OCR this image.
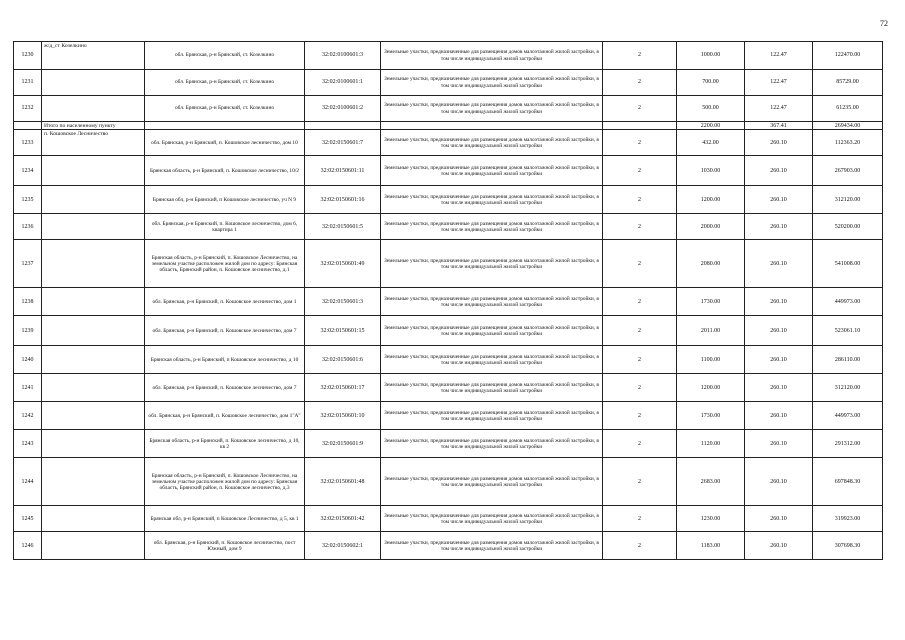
72
1230	ж/д_ст Козелкино	обл. Брянская, р-н Брянский, ст. Козелкино	32:02:0100601:3	Земельные участки, предназначенные для размещения домов малоэтажной жилой застройки, в том числе индивидуальной жилой застройки	2	1000.00	122.47	122470.00
1231		обл. Брянская, р-н Брянский, ст. Козелкино	32:02:0100601:1	Земельные участки, предназначенные для размещения домов малоэтажной жилой застройки, в том числе индивидуальной жилой застройки	2	700.00	122.47	85729.00
1232		обл. Брянская, р-н Брянский, ст. Козелкино	32:02:0100601:2	Земельные участки, предназначенные для размещения домов малоэтажной жилой застройки, в том числе индивидуальной жилой застройки	2	500.00	122.47	61235.00
	Итого по населенному пункту					2200.00	367.41	269434.00
1233	п. Кошовское Лесничество	обл. Брянская, р-н Брянский, п. Кошовское лесничество, дом 10	32:02:0150601:7	Земельные участки, предназначенные для размещения домов малоэтажной жилой застройки, в том числе индивидуальной жилой застройки	2	432.00	260.10	112363.20
1234		Брянская область, р-н Брянский, п. Кошовское лесничество, 10/2	32:02:0150601:11	Земельные участки, предназначенные для размещения домов малоэтажной жилой застройки, в том числе индивидуальной жилой застройки	2	1030.00	260.10	267903.00
1235		Брянская обл, р-н Брянский, п Кошовское лесничество, уч N 9	32:02:0150601:16	Земельные участки, предназначенные для размещения домов малоэтажной жилой застройки, в том числе индивидуальной жилой застройки	2	1200.00	260.10	312120.00
1236		обл. Брянская, р-н Брянский, п. Кошовское лесничество, дом 6, квартира 1	32:02:0150601:5	Земельные участки, предназначенные для размещения домов малоэтажной жилой застройки, в том числе индивидуальной жилой застройки	2	2000.00	260.10	520200.00
1237		Брянская область, р-н Брянский, п. Кошовское Лесничество, на земельном участке расположен жилой дом по адресу: Брянская область, Брянский район, п. Кошовское лесничество, д.1	32:02:0150601:49	Земельные участки, предназначенные для размещения домов малоэтажной жилой застройки, в том числе индивидуальной жилой застройки	2	2080.00	260.10	541008.00
1238		обл. Брянская, р-н Брянский, п. Кошовское лесничество, дом 1	32:02:0150601:3	Земельные участки, предназначенные для размещения домов малоэтажной жилой застройки, в том числе индивидуальной жилой застройки	2	1730.00	260.10	449973.00
1239		обл. Брянская, р-н Брянский, п. Кошовское лесничество, дом 7	32:02:0150601:15	Земельные участки, предназначенные для размещения домов малоэтажной жилой застройки, в том числе индивидуальной жилой застройки	2	2011.00	260.10	523061.10
1240		Брянская область, р-н Брянский, п Кошовское лесничество, д 10	32:02:0150601:6	Земельные участки, предназначенные для размещения домов малоэтажной жилой застройки, в том числе индивидуальной жилой застройки	2	1100.00	260.10	286110.00
1241		обл. Брянская, р-н Брянский, п. Кошовское лесничество, дом 7	32:02:0150601:17	Земельные участки, предназначенные для размещения домов малоэтажной жилой застройки, в том числе индивидуальной жилой застройки	2	1200.00	260.10	312120.00
1242		обл. Брянская, р-н Брянский, п. Кошовское лесничество, дом 1"А"	32:02:0150601:10	Земельные участки, предназначенные для размещения домов малоэтажной жилой застройки, в том числе индивидуальной жилой застройки	2	1730.00	260.10	449973.00
1243		Брянская область, р-н Брянский, п. Кошовское лесничество, д 10, кв 2	32:02:0150601:9	Земельные участки, предназначенные для размещения домов малоэтажной жилой застройки, в том числе индивидуальной жилой застройки	2	1120.00	260.10	291312.00
1244		Брянская область, р-н Брянский, п. Кошовское Лесничество, на земельном участке расположен жилой дом по адресу: Брянская область, Брянский район, п. Кошовское лесничество, д.3	32:02:0150601:48	Земельные участки, предназначенные для размещения домов малоэтажной жилой застройки, в том числе индивидуальной жилой застройки	2	2683.00	260.10	697848.30
1245		Брянская обл, р-н Брянский, п Кошовское Лесничество, д 5, кв 1	32:02:0150601:42	Земельные участки, предназначенные для размещения домов малоэтажной жилой застройки, в том числе индивидуальной жилой застройки	2	1230.00	260.10	319923.00
1246		обл. Брянская, р-н Брянский, п. Кошовское лесничество, пост Южный, дом 9	32:02:0150602:1	Земельные участки, предназначенные для размещения домов малоэтажной жилой застройки, в том числе индивидуальной жилой застройки	2	1183.00	260.10	307698.30
